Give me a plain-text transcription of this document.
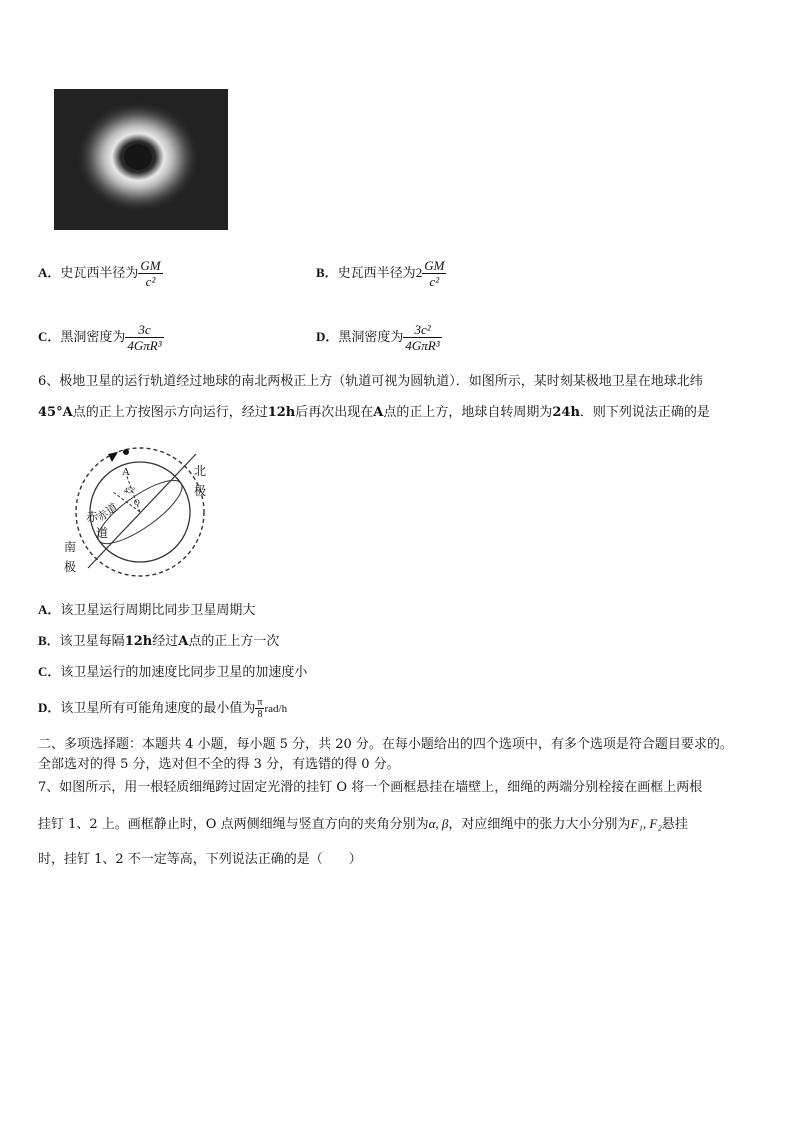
A．史瓦西半径为 $\frac{GM}{\text{c²}}$	B．史瓦西半径为$2 \frac{GM}{\text{c²}}$
C．黑洞密度为 $\frac{3c}{\text{4GπR³}}$	D．黑洞密度为 $\frac{\text{3c²}}{\text{4GπR³}}$
6、极地卫星的运行轨道经过地球的南北两极正上方（轨道可视为圆轨道）．如图所示，某时刻某极地卫星在地球北纬
45°A点的正上方按图示方向运行，经过12h后再次出现在A点的正上方，地球自转周期为24h．则下列说法正确的是
A
45°
O
赤道
北
极
赤
道
南
极
A．该卫星运行周期比同步卫星周期大
B．该卫星每隔12h经过A点的正上方一次
C．该卫星运行的加速度比同步卫星的加速度小
D．该卫星所有可能角速度的最小值为 $\frac{\pi}{8} rad/h$
二、多项选择题：本题共 4 小题，每小题 5 分，共 20 分。在每小题给出的四个选项中，有多个选项是符合题目要求的。
全部选对的得 5 分，选对但不全的得 3 分，有选错的得 0 分。
7、如图所示，用一根轻质细绳跨过固定光滑的挂钉 O 将一个画框悬挂在墙壁上，细绳的两端分别栓接在画框上两根
挂钉 1、2 上。画框静止时，O 点两侧细绳与竖直方向的夹角分别为α, β，对应细绳中的张力大小分别为F₁, F₂悬挂
时，挂钉 1、2 不一定等高，下列说法正确的是（　　）
